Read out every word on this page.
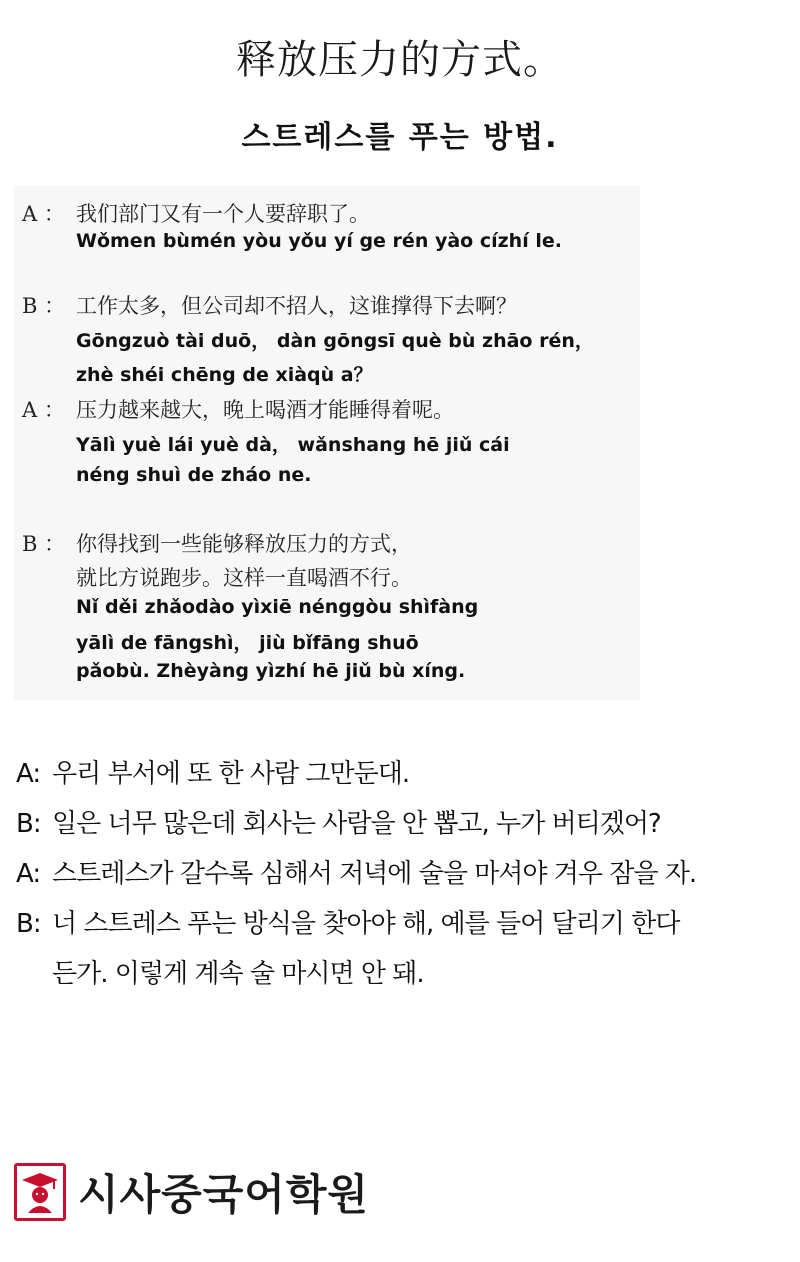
释放压力的方式。
스트레스를 푸는 방법.
A ： 我们部门又有一个人要辞职了。
Wǒmen bùmén yòu yǒu yí ge rén yào cízhí le.
B ： 工作太多，但公司却不招人，这谁撑得下去啊？
Gōngzuò tài duō， dàn gōngsī què bù zhāo rén，
zhè shéi chēng de xiàqù a？
A ： 压力越来越大，晚上喝酒才能睡得着呢。
Yālì yuè lái yuè dà， wǎnshang hē jiǔ cái
néng shuì de zháo ne.
B ： 你得找到一些能够释放压力的方式，
就比方说跑步。这样一直喝酒不行。
Nǐ děi zhǎodào yìxiē nénggòu shìfàng
yālì de fāngshì， jiù bǐfāng shuō
pǎobù. Zhèyàng yìzhí hē jiǔ bù xíng.
A: 우리 부서에 또 한 사람 그만둔대.
B: 일은 너무 많은데 회사는 사람을 안 뽑고, 누가 버티겠어?
A: 스트레스가 갈수록 심해서 저녁에 술을 마셔야 겨우 잠을 자.
B: 너 스트레스 푸는 방식을 찾아야 해, 예를 들어 달리기 한다
든가. 이렇게 계속 술 마시면 안 돼.
시사중국어학원
